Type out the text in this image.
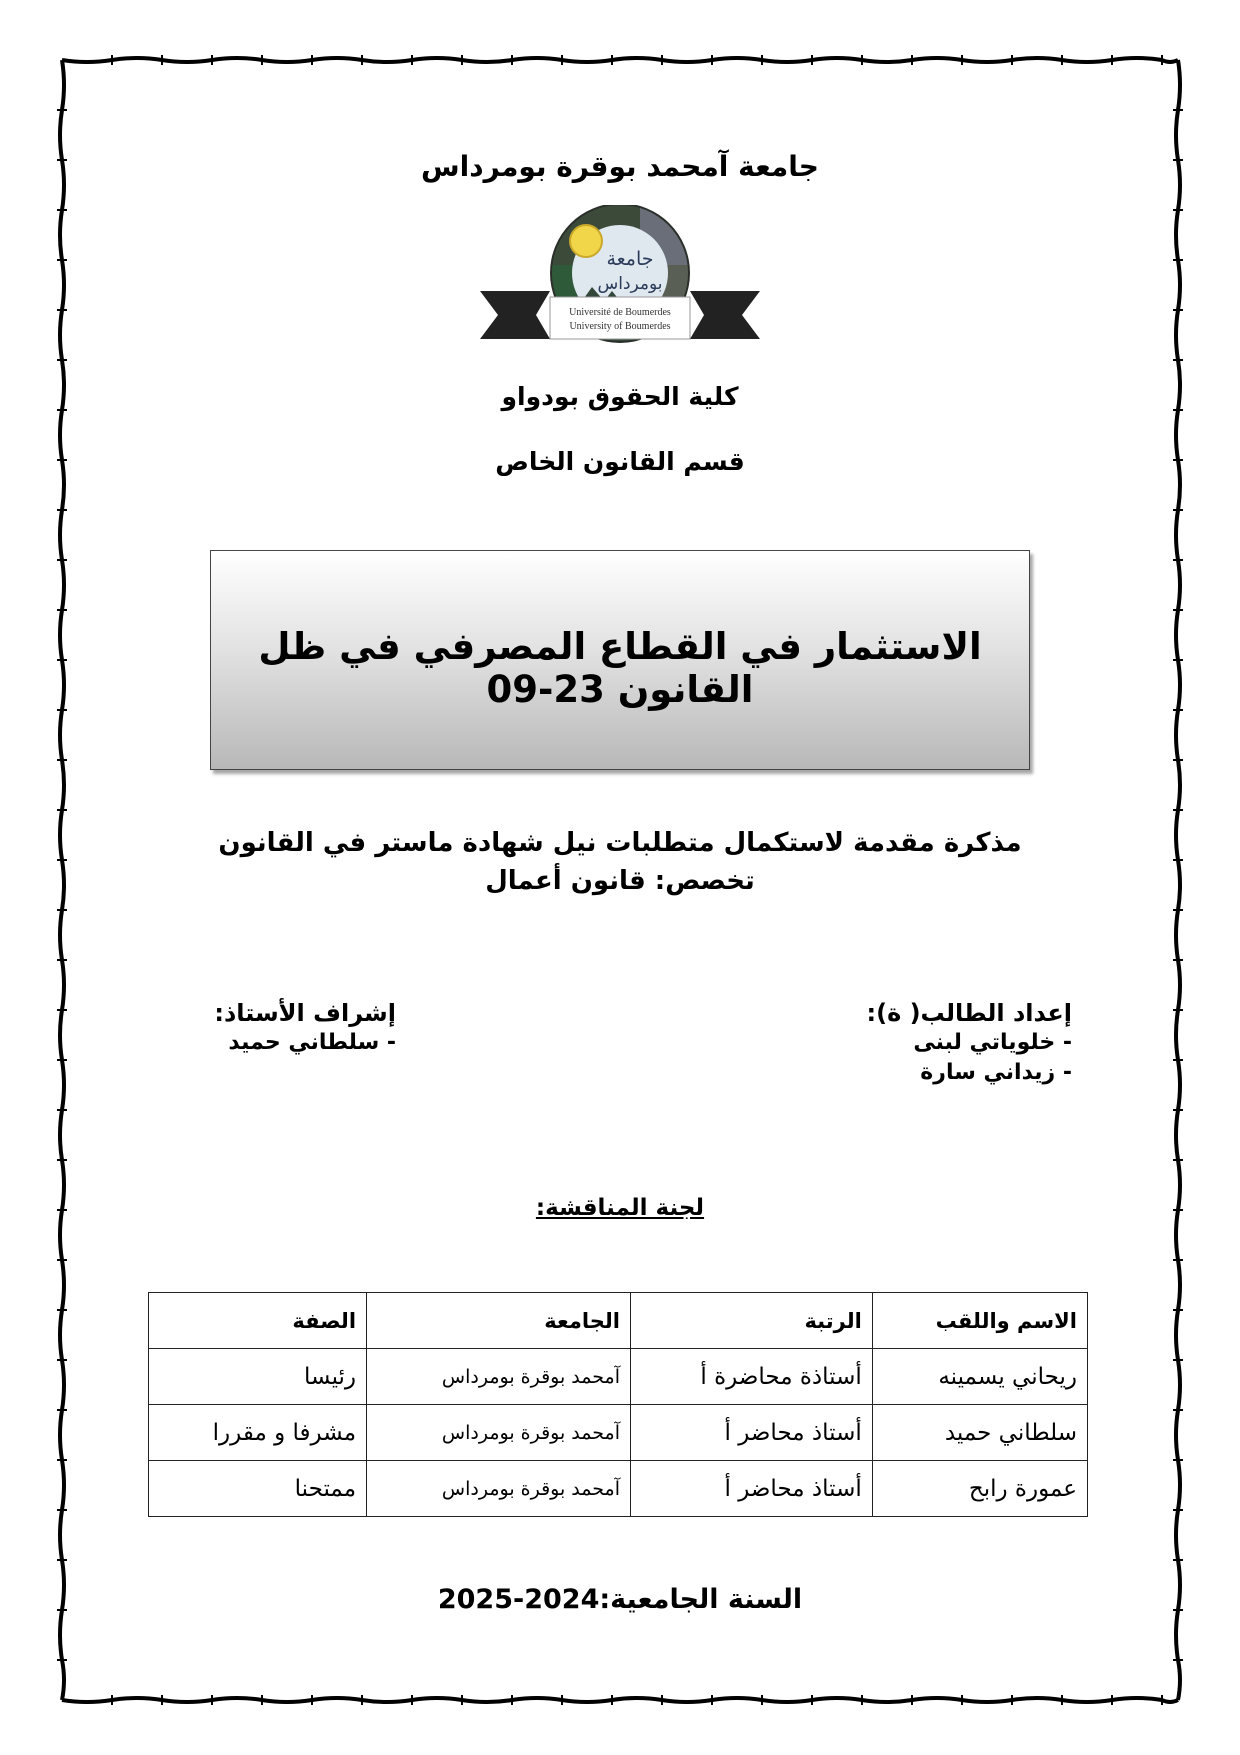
جامعة آمحمد بوقرة بومرداس
جامعة
بومرداس
Université de Boumerdes
University of Boumerdes
كلية الحقوق بودواو
قسم القانون الخاص
الاستثمار في القطاع المصرفي في ظل القانون 23-09
مذكرة مقدمة لاستكمال متطلبات نيل شهادة ماستر في القانون
تخصص: قانون أعمال
إعداد الطالب( ة):
- خلوياتي لبنى
- زيداني سارة
إشراف الأستاذ:
- سلطاني حميد
لجنة المناقشة:
الاسم واللقب	الرتبة	الجامعة	الصفة
ريحاني يسمينه	أستاذة محاضرة أ	آمحمد بوقرة بومرداس	رئيسا
سلطاني حميد	أستاذ محاضر أ	آمحمد بوقرة بومرداس	مشرفا و مقررا
عمورة رابح	أستاذ محاضر أ	آمحمد بوقرة بومرداس	ممتحنا
السنة الجامعية:2024-2025
